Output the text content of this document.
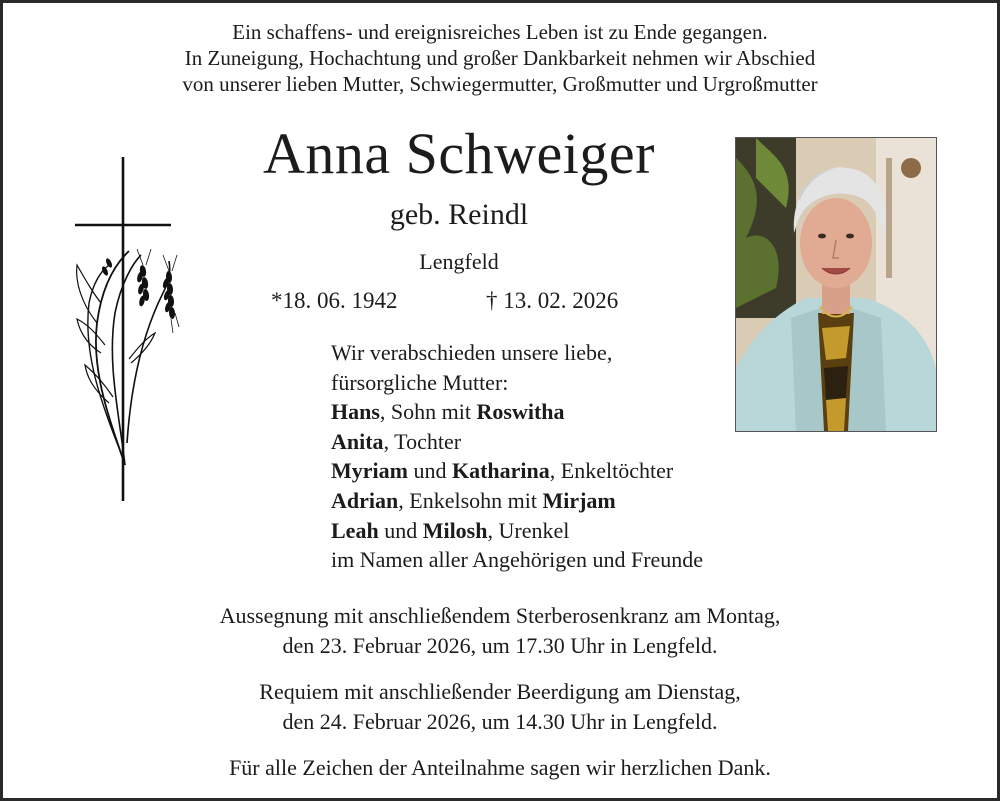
Ein schaffens- und ereignisreiches Leben ist zu Ende gegangen.
In Zuneigung, Hochachtung und großer Dankbarkeit nehmen wir Abschied
von unserer lieben Mutter, Schwiegermutter, Großmutter und Urgroßmutter
Anna Schweiger
geb. Reindl
Lengfeld
*18. 06. 1942	† 13. 02. 2026
Wir verabschieden unsere liebe,
fürsorgliche Mutter:
Hans, Sohn mit Roswitha
Anita, Tochter
Myriam und Katharina, Enkeltöchter
Adrian, Enkelsohn mit Mirjam
Leah und Milosh, Urenkel
im Namen aller Angehörigen und Freunde
Aussegnung mit anschließendem Sterberosenkranz am Montag,
den 23. Februar 2026, um 17.30 Uhr in Lengfeld.
Requiem mit anschließender Beerdigung am Dienstag,
den 24. Februar 2026, um 14.30 Uhr in Lengfeld.
Für alle Zeichen der Anteilnahme sagen wir herzlichen Dank.
